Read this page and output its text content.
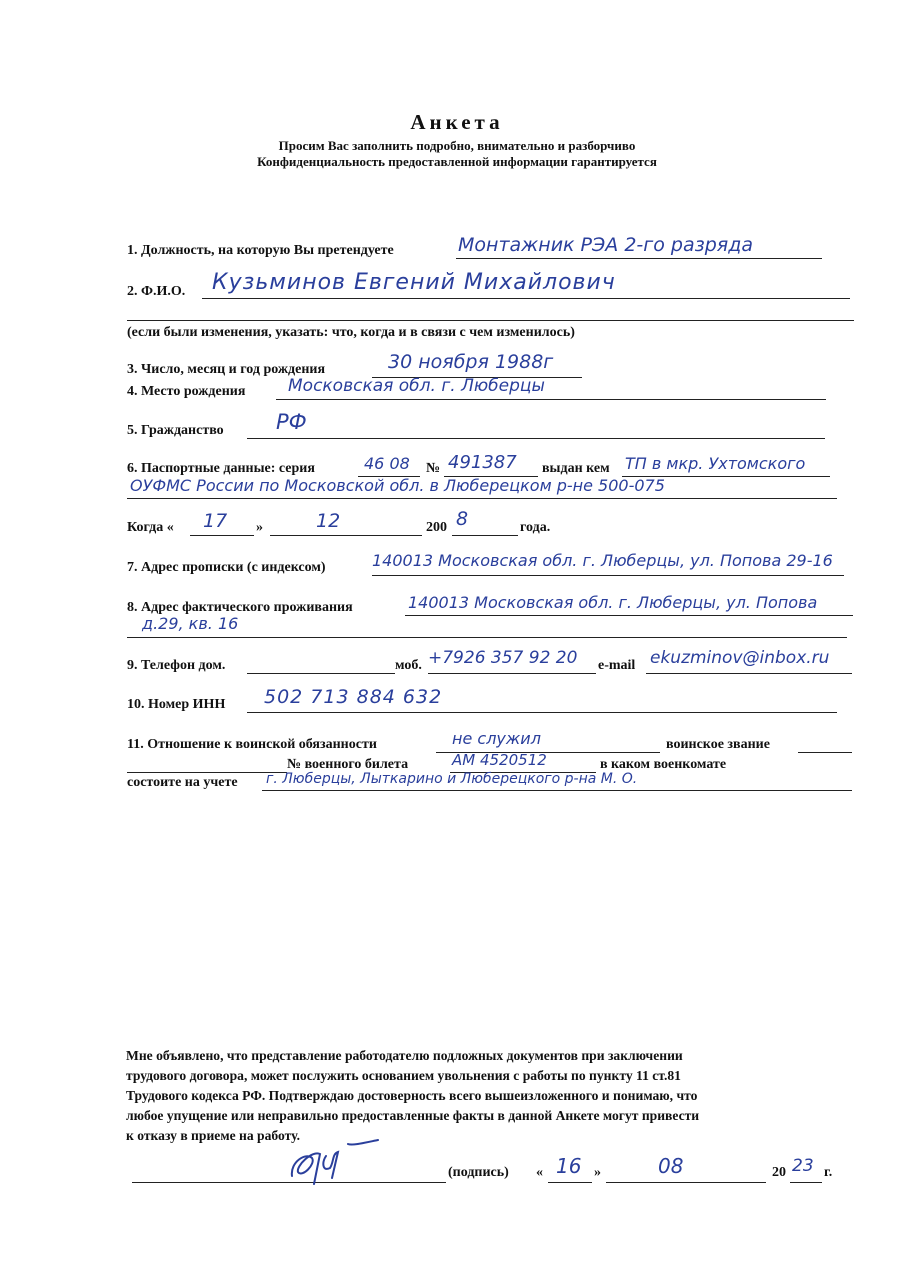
Анкета
Просим Вас заполнить подробно, внимательно и разборчиво
Конфиденциальность предоставленной информации гарантируется
1. Должность, на которую Вы претендуете	Монтажник РЭА 2-го разряда
2. Ф.И.О. Кузьминов Евгений Михайлович
(если были изменения, указать: что, когда и в связи с чем изменилось)
3. Число, месяц и год рождения	30 ноября 1988г
4. Место рождения	Московская обл. г. Люберцы
5. Гражданство РФ
6. Паспортные данные: серия	46 08 № 491387 выдан кем ТП в мкр. Ухтомского
ОУФМС России по Московской обл. в Люберецком р-не 500-075
Когда « 17 »	12	200 8	года.
7. Адрес прописки (с индексом)	140013 Московская обл. г. Люберцы, ул. Попова 29-16
8. Адрес фактического проживания	140013 Московская обл. г. Люберцы, ул. Попова
д.29, кв. 16
9. Телефон дом.	моб. +7926 357 92 20 e-mail ekuzminov@inbox.ru
10. Номер ИНН 502 713 884 632
11. Отношение к воинской обязанности	не служил	воинское звание
№ военного билета	АМ 4520512	в каком военкомате
состоите на учете г. Люберцы, Лыткарино и Люберецкого р-на М. О.
Мне объявлено, что представление работодателю подложных документов при заключении
трудового договора, может послужить основанием увольнения с работы по пункту 11 ст.81
Трудового кодекса РФ. Подтверждаю достоверность всего вышеизложенного и понимаю, что
любое упущение или неправильно предоставленные факты в данной Анкете могут привести
к отказу в приеме на работу.
(подпись) « 16 »	08	20 23 г.
